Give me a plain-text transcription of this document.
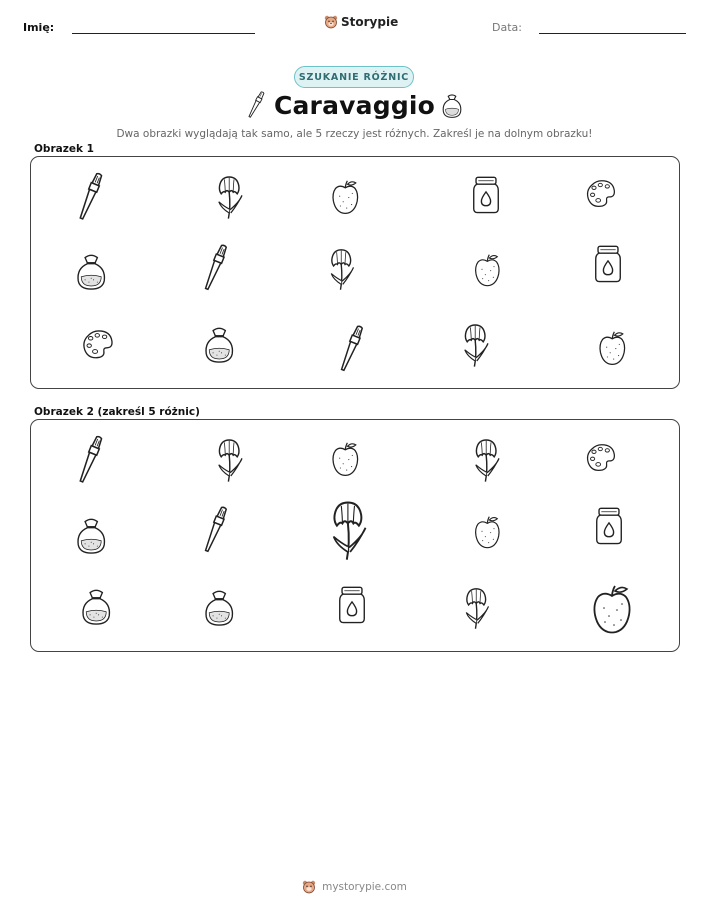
Imię:	Storypie	Data:
SZUKANIE RÓŻNIC
Caravaggio
Dwa obrazki wyglądają tak samo, ale 5 rzeczy jest różnych. Zakreśl je na dolnym obrazku!
Obrazek 1
Obrazek 2 (zakreśl 5 różnic)
mystorypie.com
